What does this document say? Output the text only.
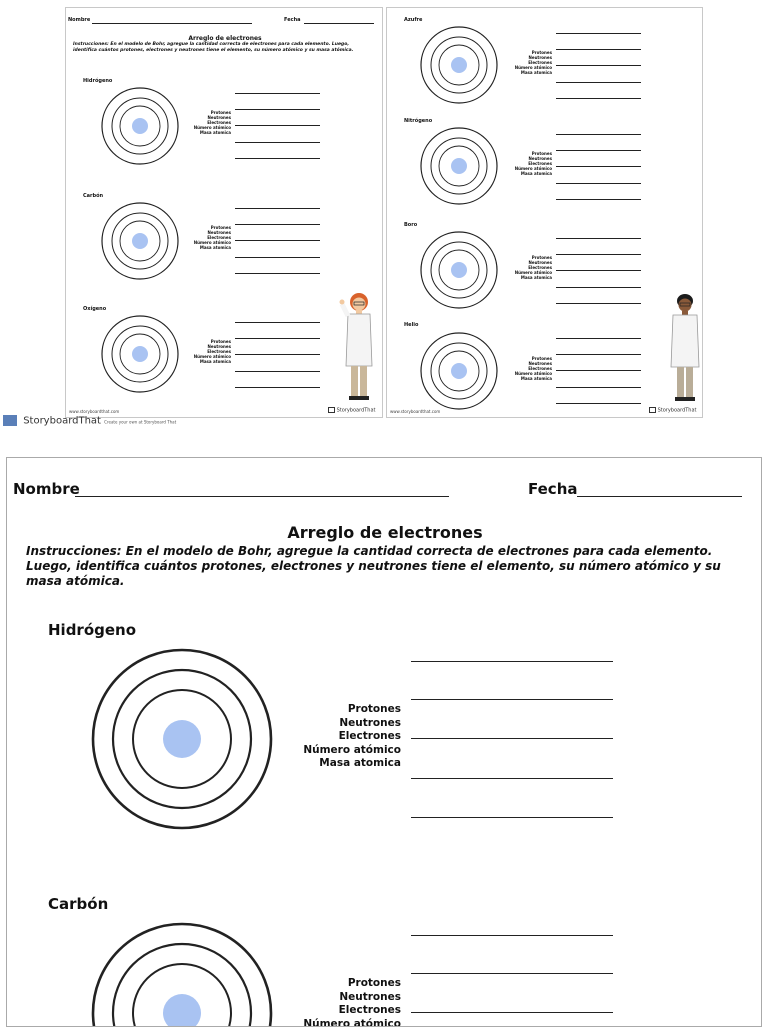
Nombre	Fecha
Arreglo de electrones
Instrucciones: En el modelo de Bohr, agregue la cantidad correcta de electrones para cada elemento. Luego, identifica cuántos protones, electrones y neutrones tiene el elemento, su número atómico y su masa atómica.
Hidrógeno
Protones
Neutrones
Electrones
Número atómico
Masa atomica
Carbón
Protones
Neutrones
Electrones
Número atómico
Masa atomica
Oxígeno
Protones
Neutrones
Electrones
Número atómico
Masa atomica
www.storyboardthat.com	StoryboardThat
Azufre
Protones
Neutrones
Electrones
Número atómico
Masa atomica
Nitrógeno
Protones
Neutrones
Electrones
Número atómico
Masa atomica
Boro
Protones
Neutrones
Electrones
Número atómico
Masa atomica
Helio
Protones
Neutrones
Electrones
Número atómico
Masa atomica
www.storyboardthat.com	StoryboardThat
StoryboardThat Create your own at Storyboard That
Nombre	Fecha
Arreglo de electrones
Instrucciones: En el modelo de Bohr, agregue la cantidad correcta de electrones para cada elemento. Luego, identifica cuántos protones, electrones y neutrones tiene el elemento, su número atómico y su masa atómica.
Hidrógeno
Protones
Neutrones
Electrones
Número atómico
Masa atomica
Carbón
Protones
Neutrones
Electrones
Número atómico
